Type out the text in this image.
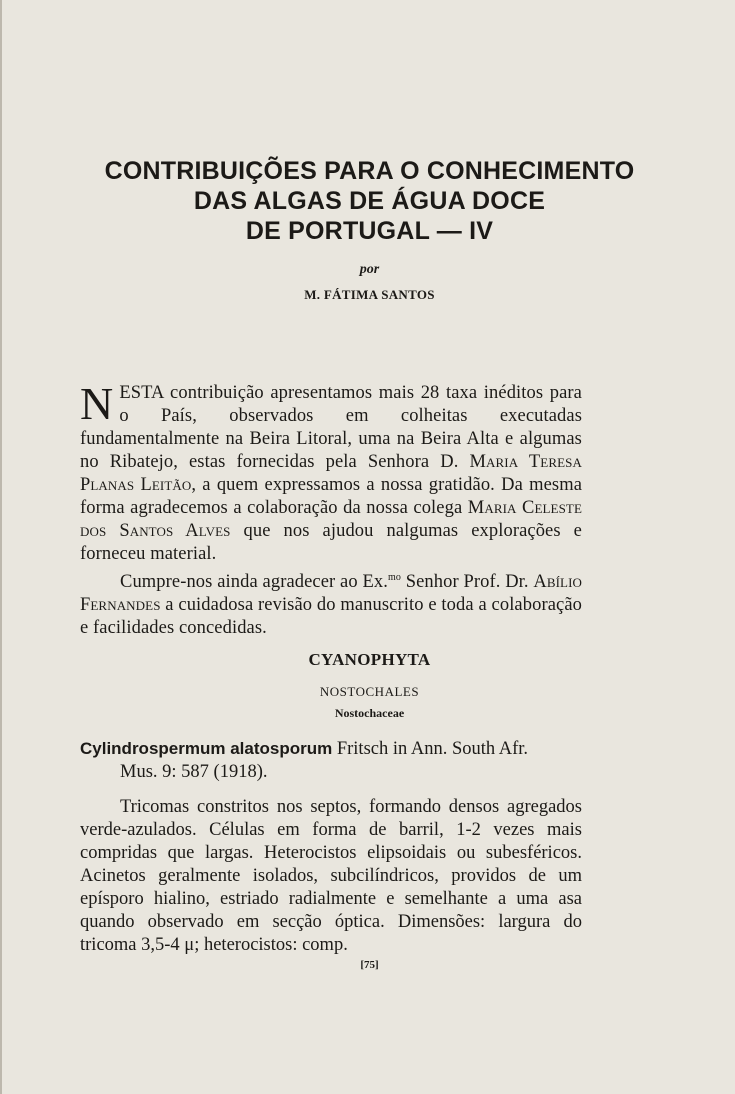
CONTRIBUIÇÕES PARA O CONHECIMENTO
DAS ALGAS DE ÁGUA DOCE
DE PORTUGAL — IV
por
M. FÁTIMA SANTOS

NESTA contribuição apresentamos mais 28 taxa inéditos para o País, observados em colheitas executadas fundamentalmente na Beira Litoral, uma na Beira Alta e algumas no Ribatejo, estas fornecidas pela Senhora D. Maria Teresa Planas Leitão, a quem expressamos a nossa gratidão. Da mesma forma agradecemos a colaboração da nossa colega Maria Celeste dos Santos Alves que nos ajudou nalgumas explorações e forneceu material.

Cumpre-nos ainda agradecer ao Ex.$^{mo}$ Senhor Prof. Dr. Abílio Fernandes a cuidadosa revisão do manuscrito e toda a colaboração e facilidades concedidas.

CYANOPHYTA
NOSTOCHALES
Nostochaceae
Cylindrospermum alatosporum Fritsch in Ann. South Afr.
Mus. 9: 587 (1918).
Tricomas constritos nos septos, formando densos agregados verde-azulados. Células em forma de barril, 1-2 vezes mais compridas que largas. Heterocistos elipsoidais ou subesféricos. Acinetos geralmente isolados, subcilíndricos, providos de um epísporo hialino, estriado radialmente e semelhante a uma asa quando observado em secção óptica. Dimensões: largura do tricoma 3,5-4 μ; heterocistos: comp.
[75]
